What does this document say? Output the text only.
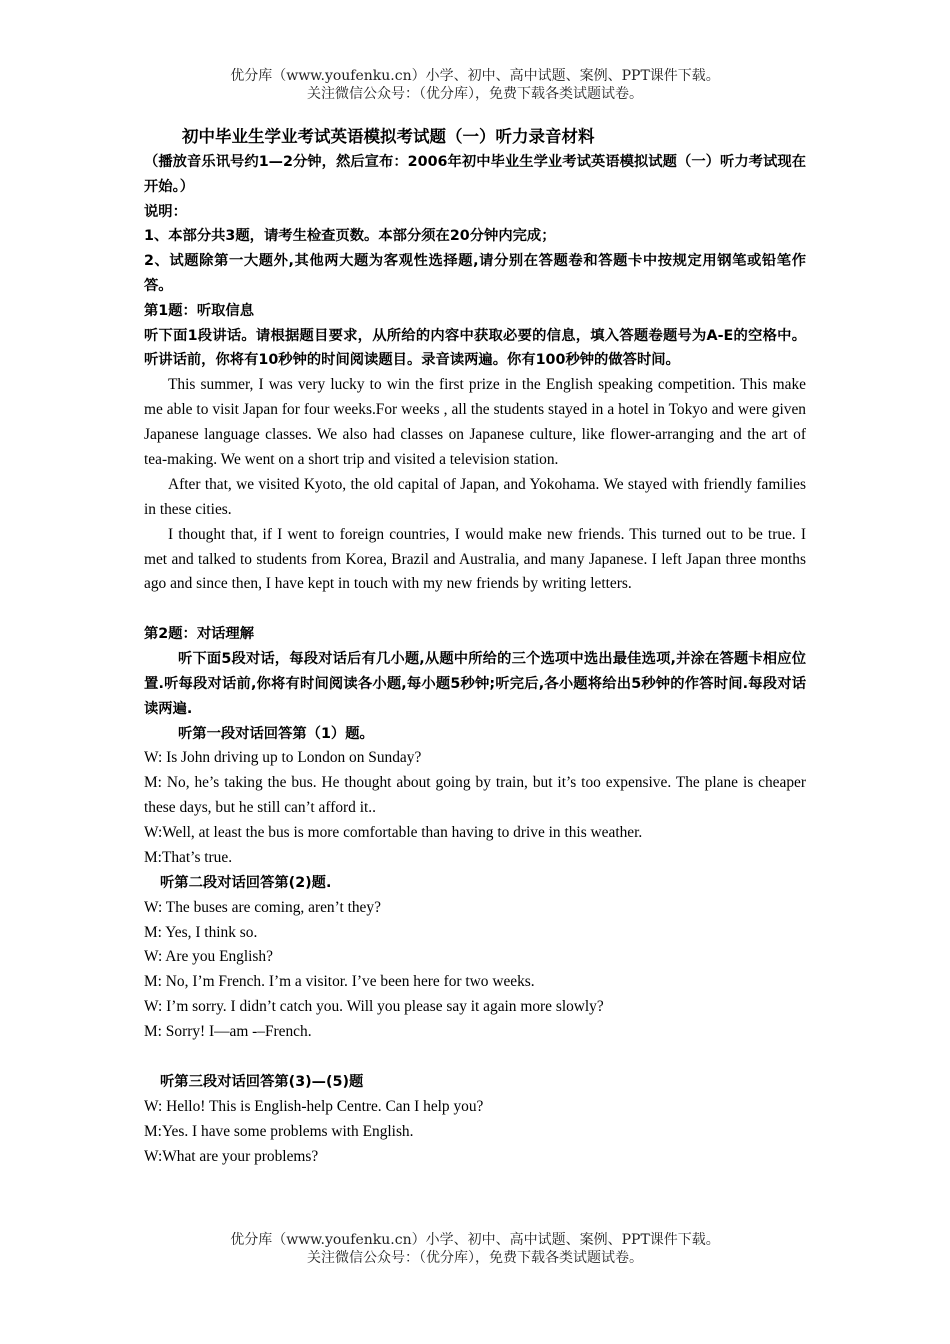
优分库（www.youfenku.cn）小学、初中、高中试题、案例、PPT课件下载。
关注微信公众号：（优分库），免费下载各类试题试卷。

初中毕业生学业考试英语模拟考试题（一）听力录音材料

（播放音乐讯号约1—2分钟，然后宣布：2006年初中毕业生学业考试英语模拟试题（一）听力考试现在开始。）

说明：

1、本部分共3题，请考生检查页数。本部分须在20分钟内完成；

2、试题除第一大题外,其他两大题为客观性选择题,请分别在答题卷和答题卡中按规定用钢笔或铅笔作答。

第1题：听取信息

听下面1段讲话。请根据题目要求，从所给的内容中获取必要的信息，填入答题卷题号为A-E的空格中。听讲话前，你将有10秒钟的时间阅读题目。录音读两遍。你有100秒钟的做答时间。

This summer, I was very lucky to win the first prize in the English speaking competition. This make me able to visit Japan for four weeks.For weeks , all the students stayed in a hotel in Tokyo and were given Japanese language classes. We also had classes on Japanese culture, like flower-arranging and the art of tea-making. We went on a short trip and visited a television station.

After that, we visited Kyoto, the old capital of Japan, and Yokohama. We stayed with friendly families in these cities.

I thought that, if I went to foreign countries, I would make new friends. This turned out to be true. I met and talked to students from Korea, Brazil and Australia, and many Japanese. I left Japan three months ago and since then, I have kept in touch with my new friends by writing letters.

第2题：对话理解

听下面5段对话，每段对话后有几小题,从题中所给的三个选项中选出最佳选项,并涂在答题卡相应位置.听每段对话前,你将有时间阅读各小题,每小题5秒钟;听完后,各小题将给出5秒钟的作答时间.每段对话读两遍.

听第一段对话回答第（1）题。

W: Is John driving up to London on Sunday?

M: No, he’s taking the bus. He thought about going by train, but it’s too expensive. The plane is cheaper these days, but he still can’t afford it..

W:Well, at least the bus is more comfortable than having to drive in this weather.

M:That’s true.

听第二段对话回答第(2)题.

W: The buses are coming, aren’t they?

M: Yes, I think so.

W: Are you English?

M: No, I’m French. I’m a visitor. I’ve been here for two weeks.

W: I’m sorry. I didn’t catch you. Will you please say it again more slowly?

M: Sorry! I—am -–French.

听第三段对话回答第(3)—(5)题

W: Hello! This is English-help Centre. Can I help you?

M:Yes. I have some problems with English.

W:What are your problems?

优分库（www.youfenku.cn）小学、初中、高中试题、案例、PPT课件下载。
关注微信公众号：（优分库），免费下载各类试题试卷。
